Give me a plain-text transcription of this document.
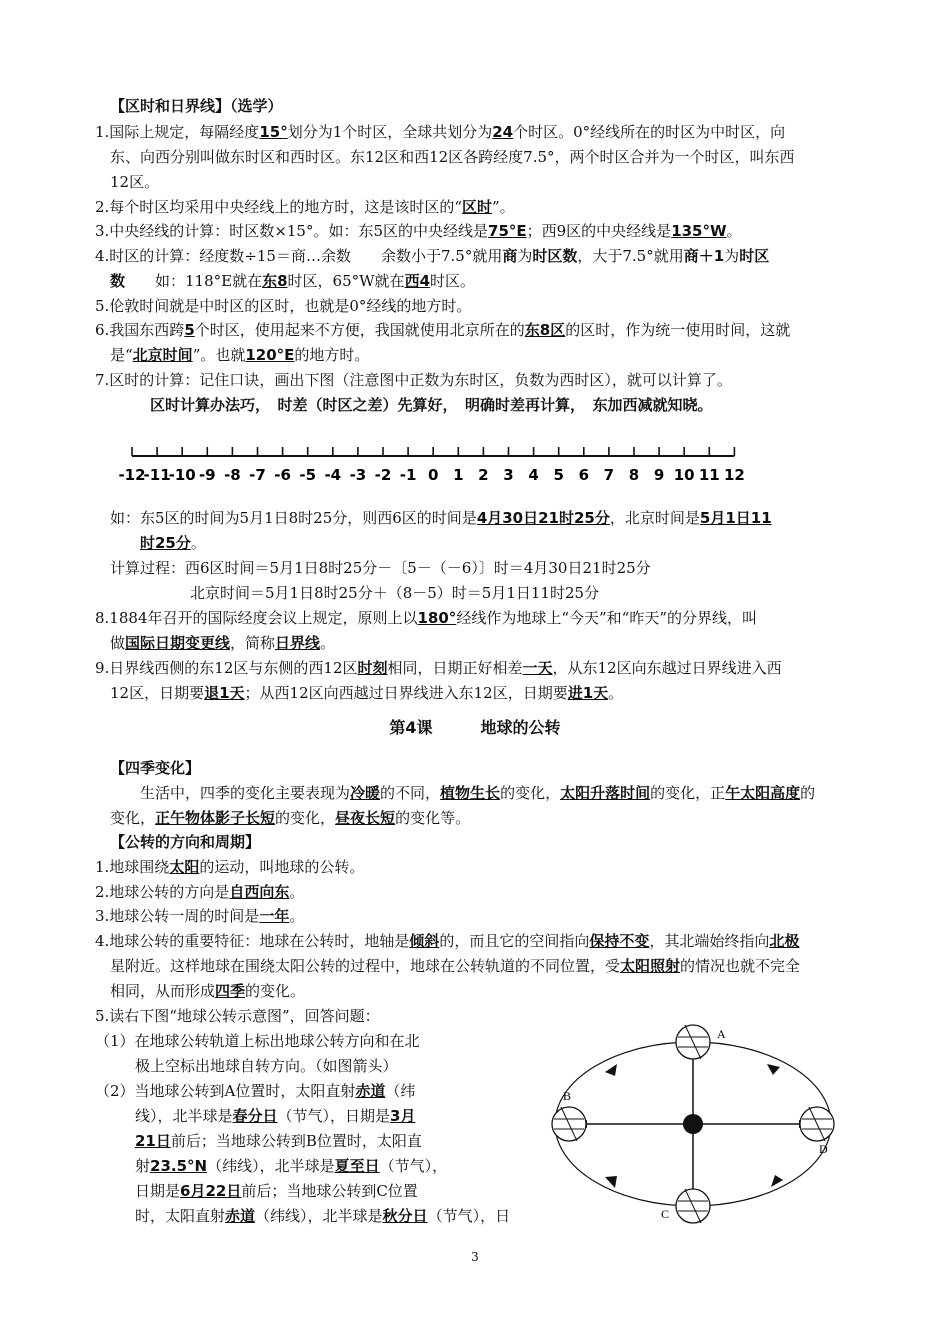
【区时和日界线】（选学）
1.国际上规定，每隔经度15°划分为1个时区，全球共划分为24个时区。0°经线所在的时区为中时区，向
东、向西分别叫做东时区和西时区。东12区和西12区各跨经度7.5°，两个时区合并为一个时区，叫东西
12区。
2.每个时区均采用中央经线上的地方时，这是该时区的“区时”。
3.中央经线的计算：时区数×15°。如：东5区的中央经线是75°E；西9区的中央经线是135°W。
4.时区的计算：经度数÷15＝商…余数　　余数小于7.5°就用商为时区数，大于7.5°就用商＋1为时区
数　　如：118°E就在东8时区，65°W就在西4时区。
5.伦敦时间就是中时区的区时，也就是0°经线的地方时。
6.我国东西跨5个时区，使用起来不方便，我国就使用北京所在的东8区的区时，作为统一使用时间，这就
是“北京时间”。也就120°E的地方时。
7.区时的计算：记住口诀，画出下图（注意图中正数为东时区，负数为西时区），就可以计算了。
区时计算办法巧，　时差（时区之差）先算好，　明确时差再计算，　东加西减就知晓。
-12
-11
-10 -9 -8 -7 -6 -5 -4 -3 -2 -1 0 1 2 3 4 5 6 7 8 9 10 11 12
如：东5区的时间为5月1日8时25分，则西6区的时间是4月30日21时25分，北京时间是5月1日11
时25分。
计算过程：西6区时间＝5月1日8时25分－〔5－（－6）〕时＝4月30日21时25分
北京时间＝5月1日8时25分＋（8－5）时＝5月1日11时25分
8.1884年召开的国际经度会议上规定，原则上以180°经线作为地球上“今天”和“昨天”的分界线，叫
做国际日期变更线，简称日界线。
9.日界线西侧的东12区与东侧的西12区时刻相同，日期正好相差一天，从东12区向东越过日界线进入西
12区，日期要退1天；从西12区向西越过日界线进入东12区，日期要进1天。
第4课　　　地球的公转
【四季变化】
生活中，四季的变化主要表现为冷暖的不同，植物生长的变化，太阳升落时间的变化，正午太阳高度的
变化，正午物体影子长短的变化，昼夜长短的变化等。
【公转的方向和周期】
1.地球围绕太阳的运动，叫地球的公转。
2.地球公转的方向是自西向东。
3.地球公转一周的时间是一年。
4.地球公转的重要特征：地球在公转时，地轴是倾斜的，而且它的空间指向保持不变，其北端始终指向北极
星附近。这样地球在围绕太阳公转的过程中，地球在公转轨道的不同位置，受太阳照射的情况也就不完全
相同，从而形成四季的变化。
5.读右下图“地球公转示意图”，回答问题：
（1）在地球公转轨道上标出地球公转方向和在北
极上空标出地球自转方向。（如图箭头）
（2）当地球公转到A位置时，太阳直射赤道（纬
线），北半球是春分日（节气），日期是3月
21日前后；当地球公转到B位置时，太阳直
射23.5°N（纬线），北半球是夏至日（节气），
日期是6月22日前后；当地球公转到C位置
时，太阳直射赤道（纬线），北半球是秋分日（节气），日
A
B
C
D
3
